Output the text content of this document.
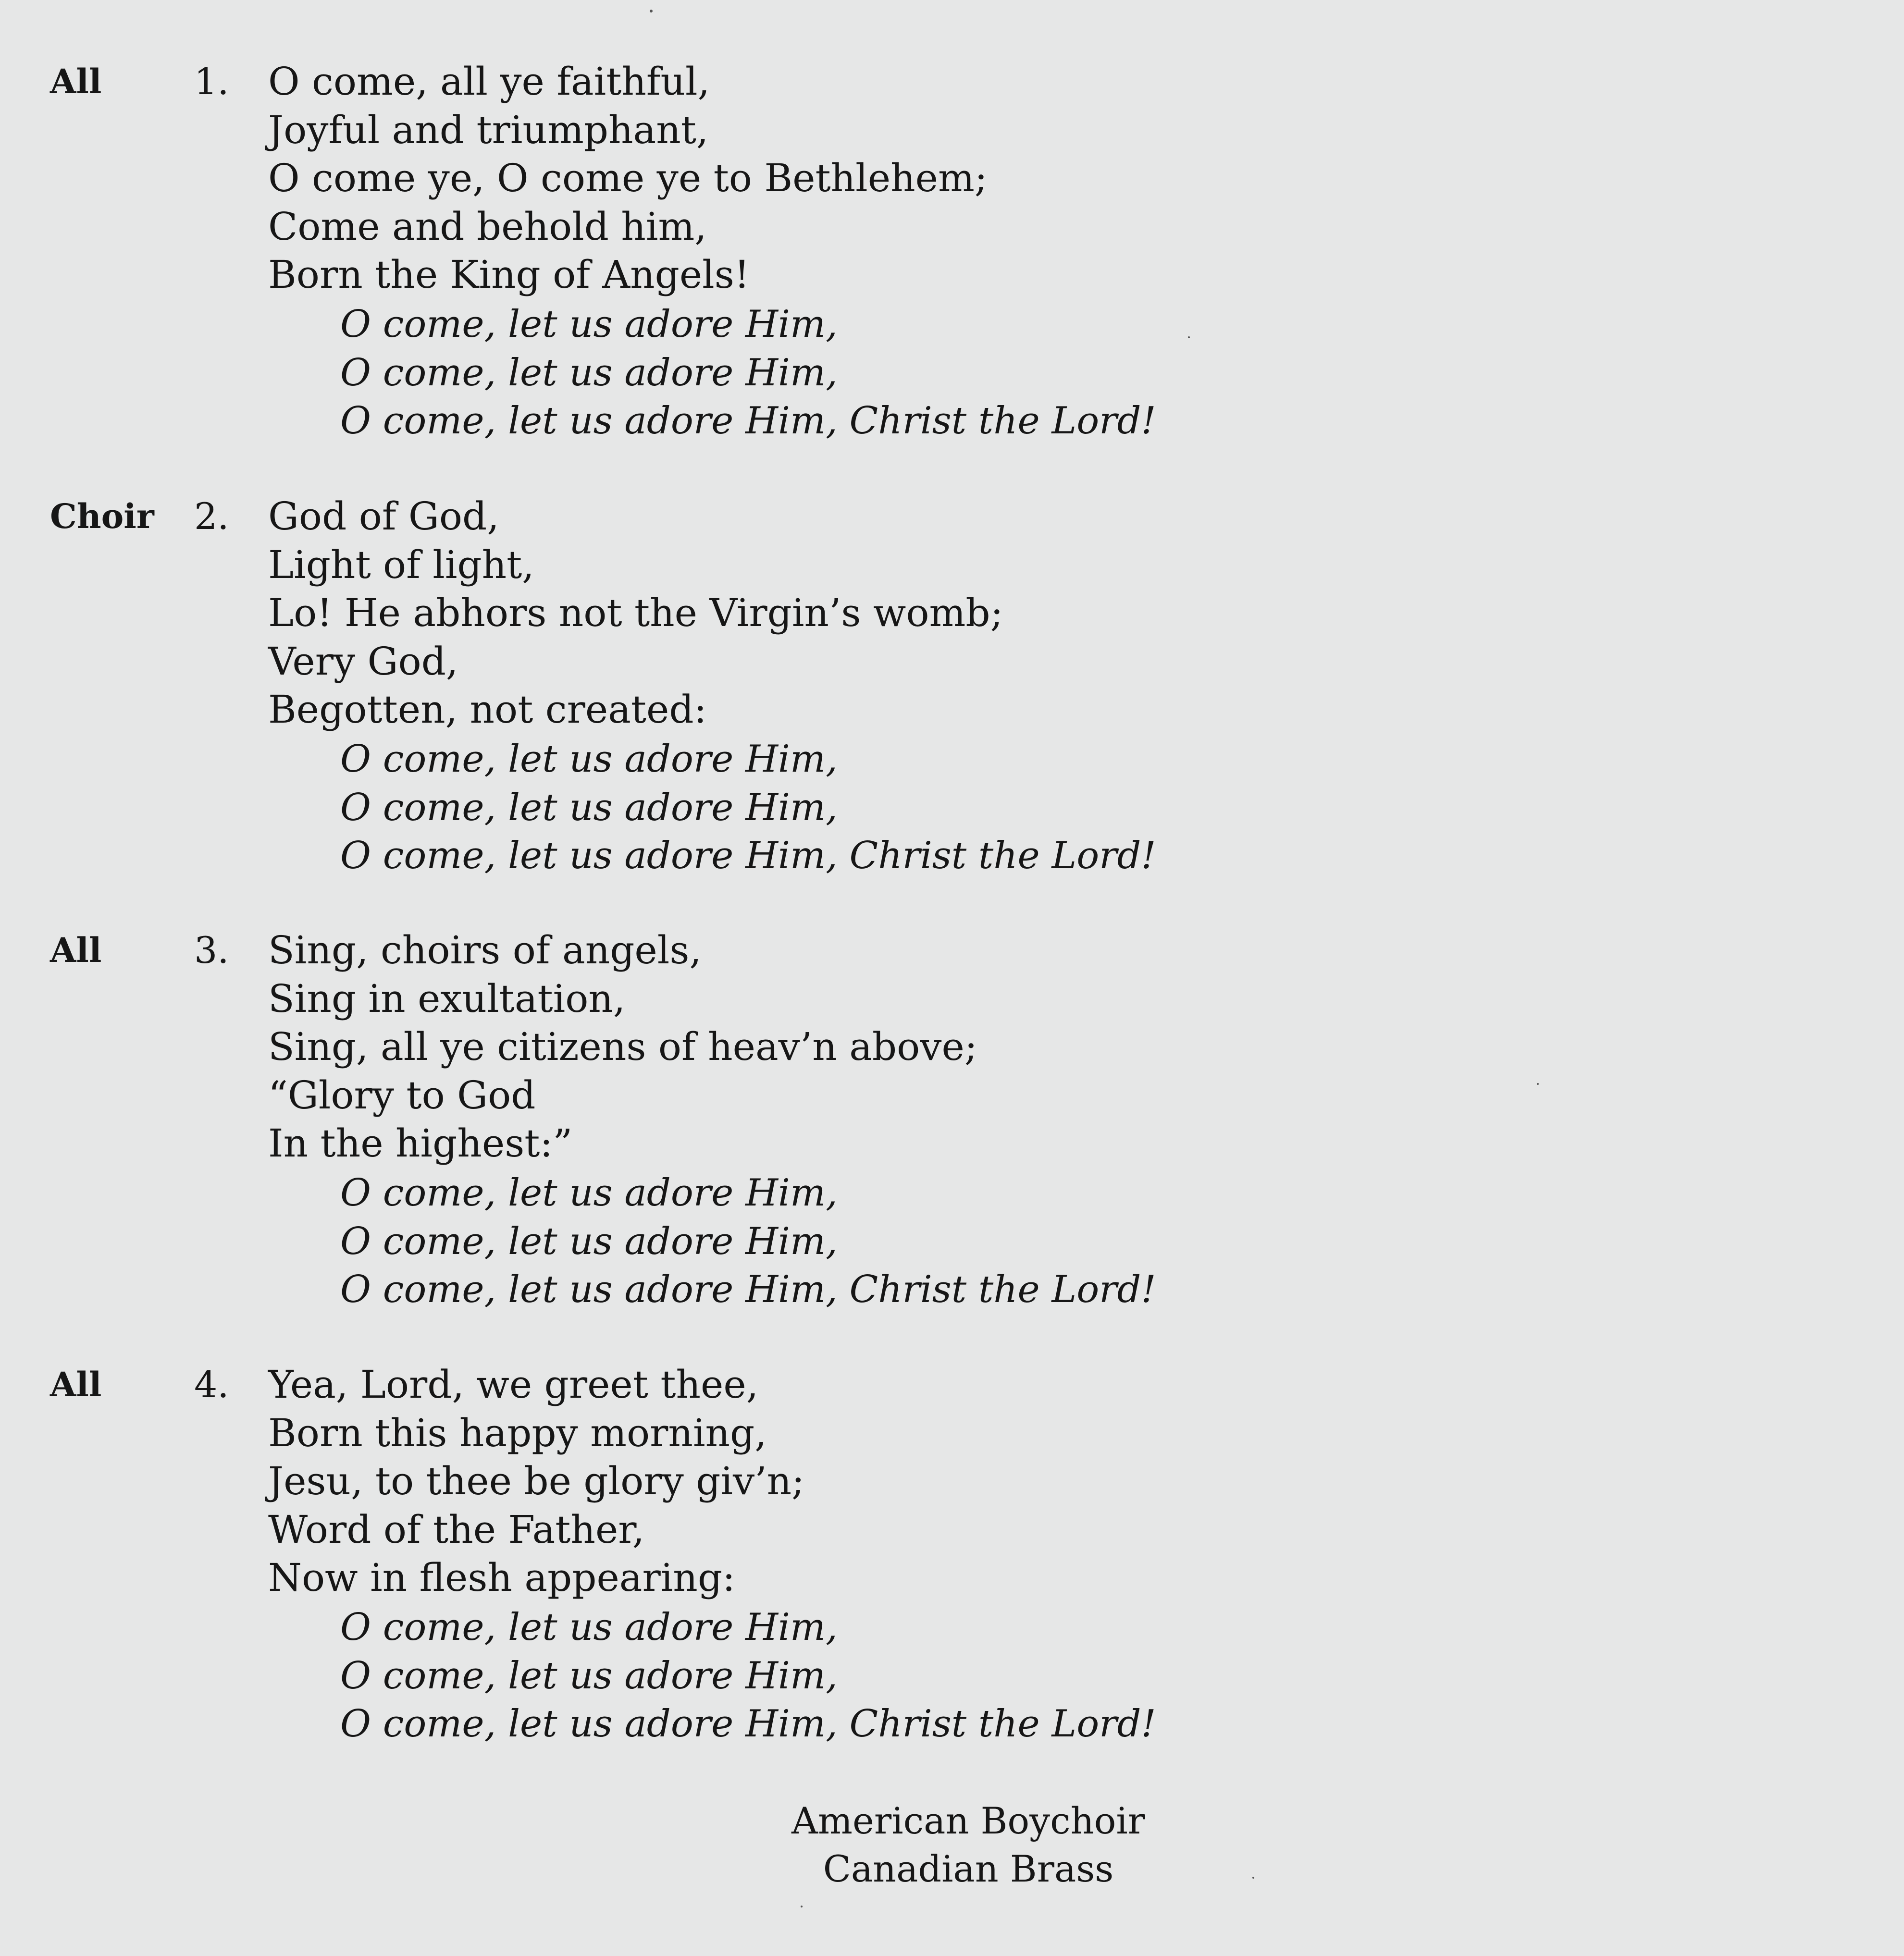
All	1. O come, all ye faithful,
Joyful and triumphant,
O come ye, O come ye to Bethlehem;
Come and behold him,
Born the King of Angels!
O come, let us adore Him,
O come, let us adore Him,
O come, let us adore Him, Christ the Lord!
Choir 2. God of God,
Light of light,
Lo! He abhors not the Virgin’s womb;
Very God,
Begotten, not created:
O come, let us adore Him,
O come, let us adore Him,
O come, let us adore Him, Christ the Lord!
All	3. Sing, choirs of angels,
Sing in exultation,
Sing, all ye citizens of heav’n above;
“Glory to God
In the highest:”
O come, let us adore Him,
O come, let us adore Him,
O come, let us adore Him, Christ the Lord!
All	4. Yea, Lord, we greet thee,
Born this happy morning,
Jesu, to thee be glory giv’n;
Word of the Father,
Now in flesh appearing:
O come, let us adore Him,
O come, let us adore Him,
O come, let us adore Him, Christ the Lord!
American Boychoir
Canadian Brass
